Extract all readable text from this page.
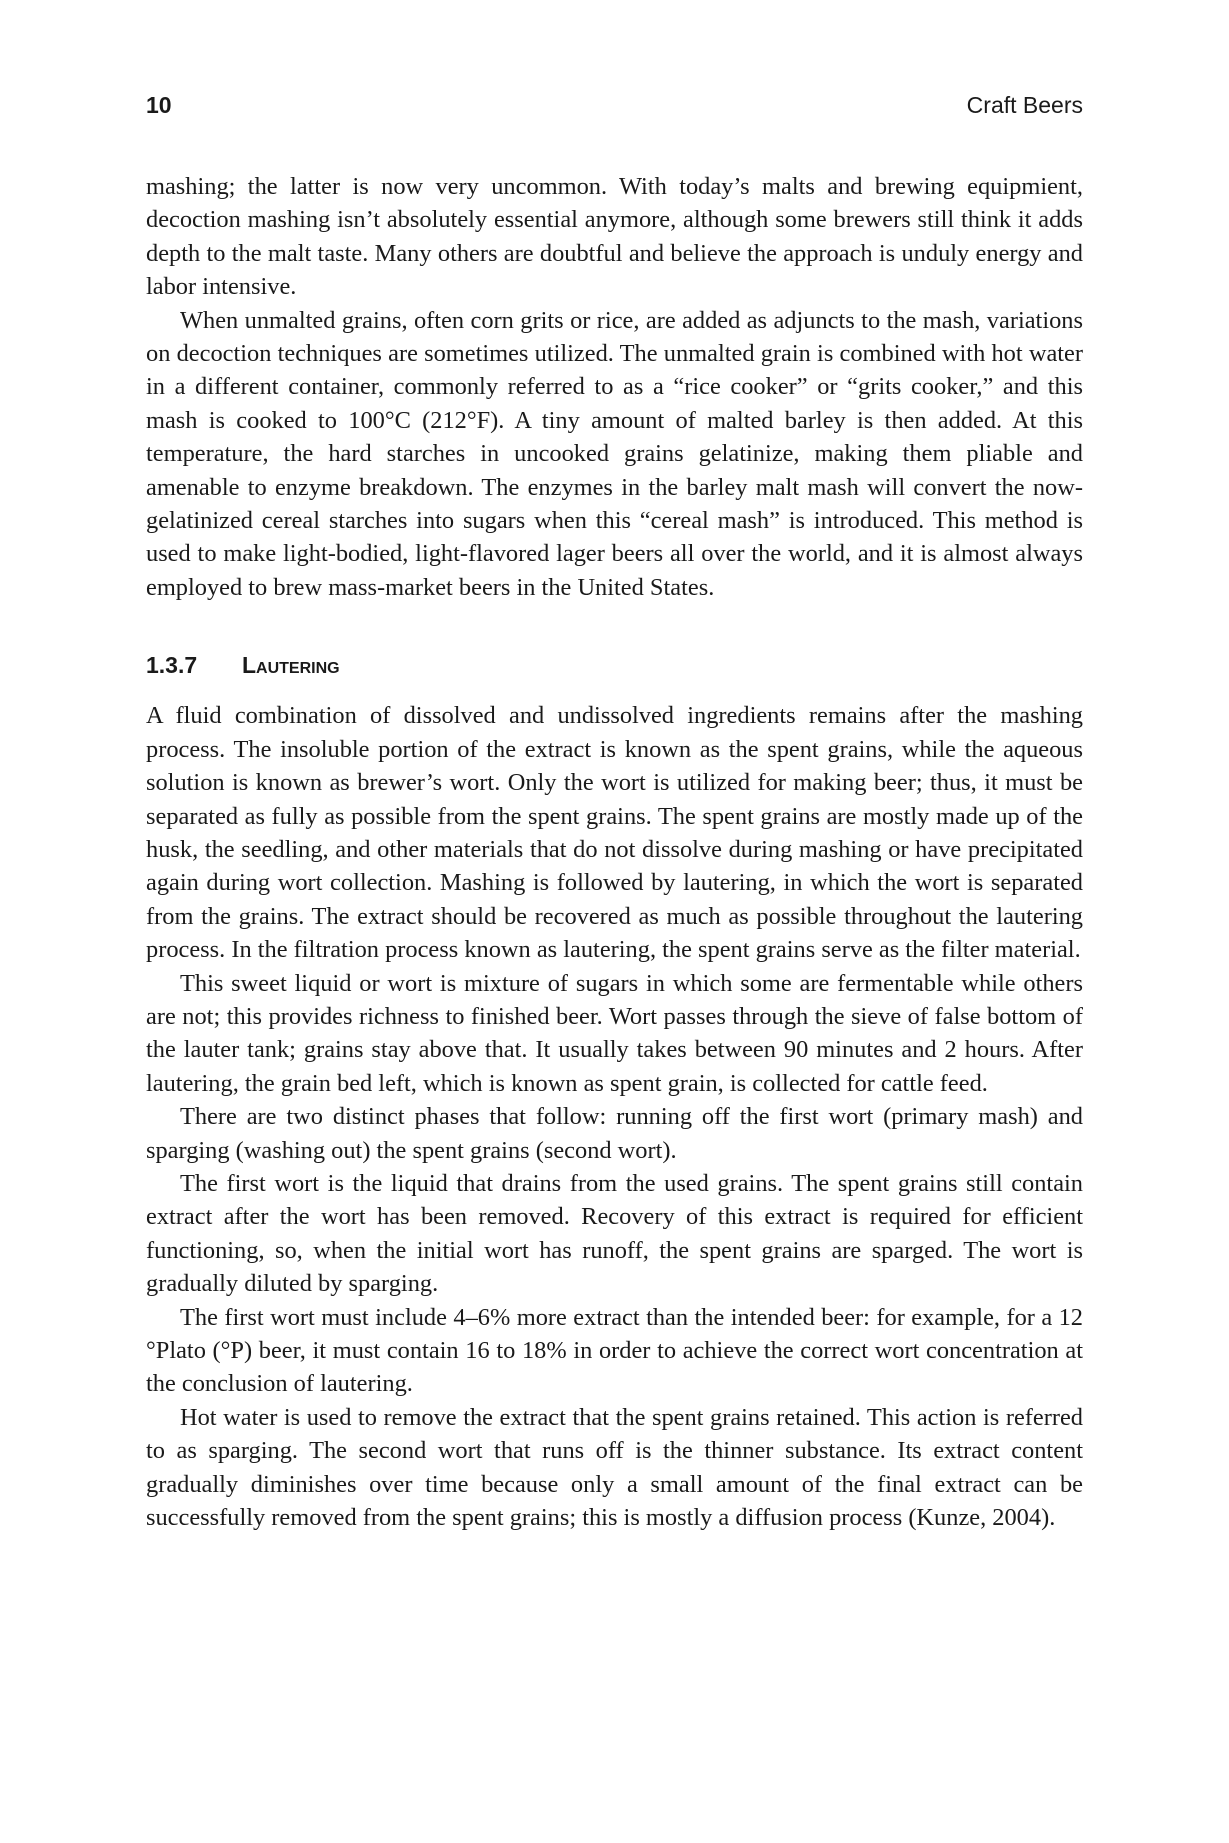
10	Craft Beers

mashing; the latter is now very uncommon. With today’s malts and brewing equipmient, decoction mashing isn’t absolutely essential anymore, although some brewers still think it adds depth to the malt taste. Many others are doubtful and believe the approach is unduly energy and labor intensive.

When unmalted grains, often corn grits or rice, are added as adjuncts to the mash, variations on decoction techniques are sometimes utilized. The unmalted grain is combined with hot water in a different container, commonly referred to as a “rice cooker” or “grits cooker,” and this mash is cooked to 100°C (212°F). A tiny amount of malted barley is then added. At this temperature, the hard starches in uncooked grains gelatinize, making them pliable and amenable to enzyme breakdown. The enzymes in the barley malt mash will convert the now-gelatinized cereal starches into sugars when this “cereal mash” is introduced. This method is used to make light-bodied, light-flavored lager beers all over the world, and it is almost always employed to brew mass-market beers in the United States.

1.3.7 Lautering

A fluid combination of dissolved and undissolved ingredients remains after the mashing process. The insoluble portion of the extract is known as the spent grains, while the aqueous solution is known as brewer’s wort. Only the wort is utilized for making beer; thus, it must be separated as fully as possible from the spent grains. The spent grains are mostly made up of the husk, the seedling, and other materials that do not dissolve during mashing or have precipitated again during wort collection. Mashing is followed by lautering, in which the wort is separated from the grains. The extract should be recovered as much as possible throughout the lautering process. In the filtration process known as lautering, the spent grains serve as the filter material.

This sweet liquid or wort is mixture of sugars in which some are fermentable while others are not; this provides richness to finished beer. Wort passes through the sieve of false bottom of the lauter tank; grains stay above that. It usually takes between 90 minutes and 2 hours. After lautering, the grain bed left, which is known as spent grain, is collected for cattle feed.

There are two distinct phases that follow: running off the first wort (primary mash) and sparging (washing out) the spent grains (second wort).

The first wort is the liquid that drains from the used grains. The spent grains still contain extract after the wort has been removed. Recovery of this extract is required for efficient functioning, so, when the initial wort has runoff, the spent grains are sparged. The wort is gradually diluted by sparging.

The first wort must include 4–6% more extract than the intended beer: for example, for a 12 °Plato (°P) beer, it must contain 16 to 18% in order to achieve the correct wort concentration at the conclusion of lautering.

Hot water is used to remove the extract that the spent grains retained. This action is referred to as sparging. The second wort that runs off is the thinner substance. Its extract content gradually diminishes over time because only a small amount of the final extract can be successfully removed from the spent grains; this is mostly a diffusion process (Kunze, 2004).
